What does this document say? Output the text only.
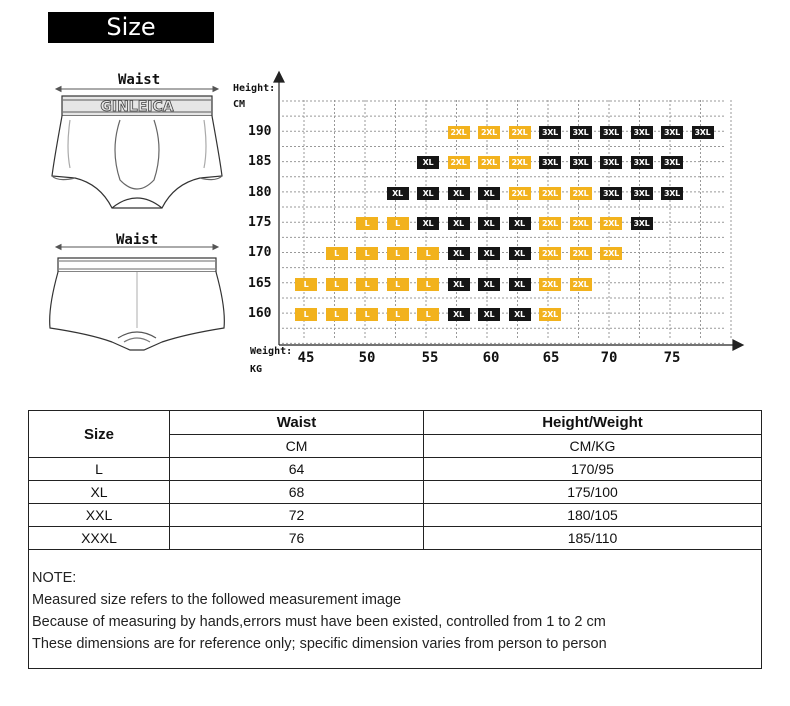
Size
Waist
GINLEICA
Waist
Height:
CM
Weight:
KG
190
185
180
175
170
165
160
45	50	55	60	65	70	75
2XL	2XL	2XL	3XL	3XL	3XL	3XL	3XL	3XL
XL	2XL	2XL	2XL	3XL	3XL	3XL	3XL	3XL
XL	XL	XL	XL	2XL	2XL	2XL	3XL	3XL	3XL
L	L	XL	XL	XL	XL	2XL	2XL	2XL	3XL
L	L	L	L	XL	XL	XL	2XL	2XL	2XL
L	L	L	L	L	XL	XL	XL	2XL	2XL
L	L	L	L	L	XL	XL	XL	2XL
Size	Waist	Height/Weight
	CM	CM/KG
L	64	170/95
XL	68	175/100
XXL	72	180/105
XXXL	76	185/110
NOTE:
Measured size refers to the followed measurement image
Because of measuring by hands,errors must have been existed, controlled from 1 to 2 cm
These dimensions are for reference only; specific dimension varies from person to person
